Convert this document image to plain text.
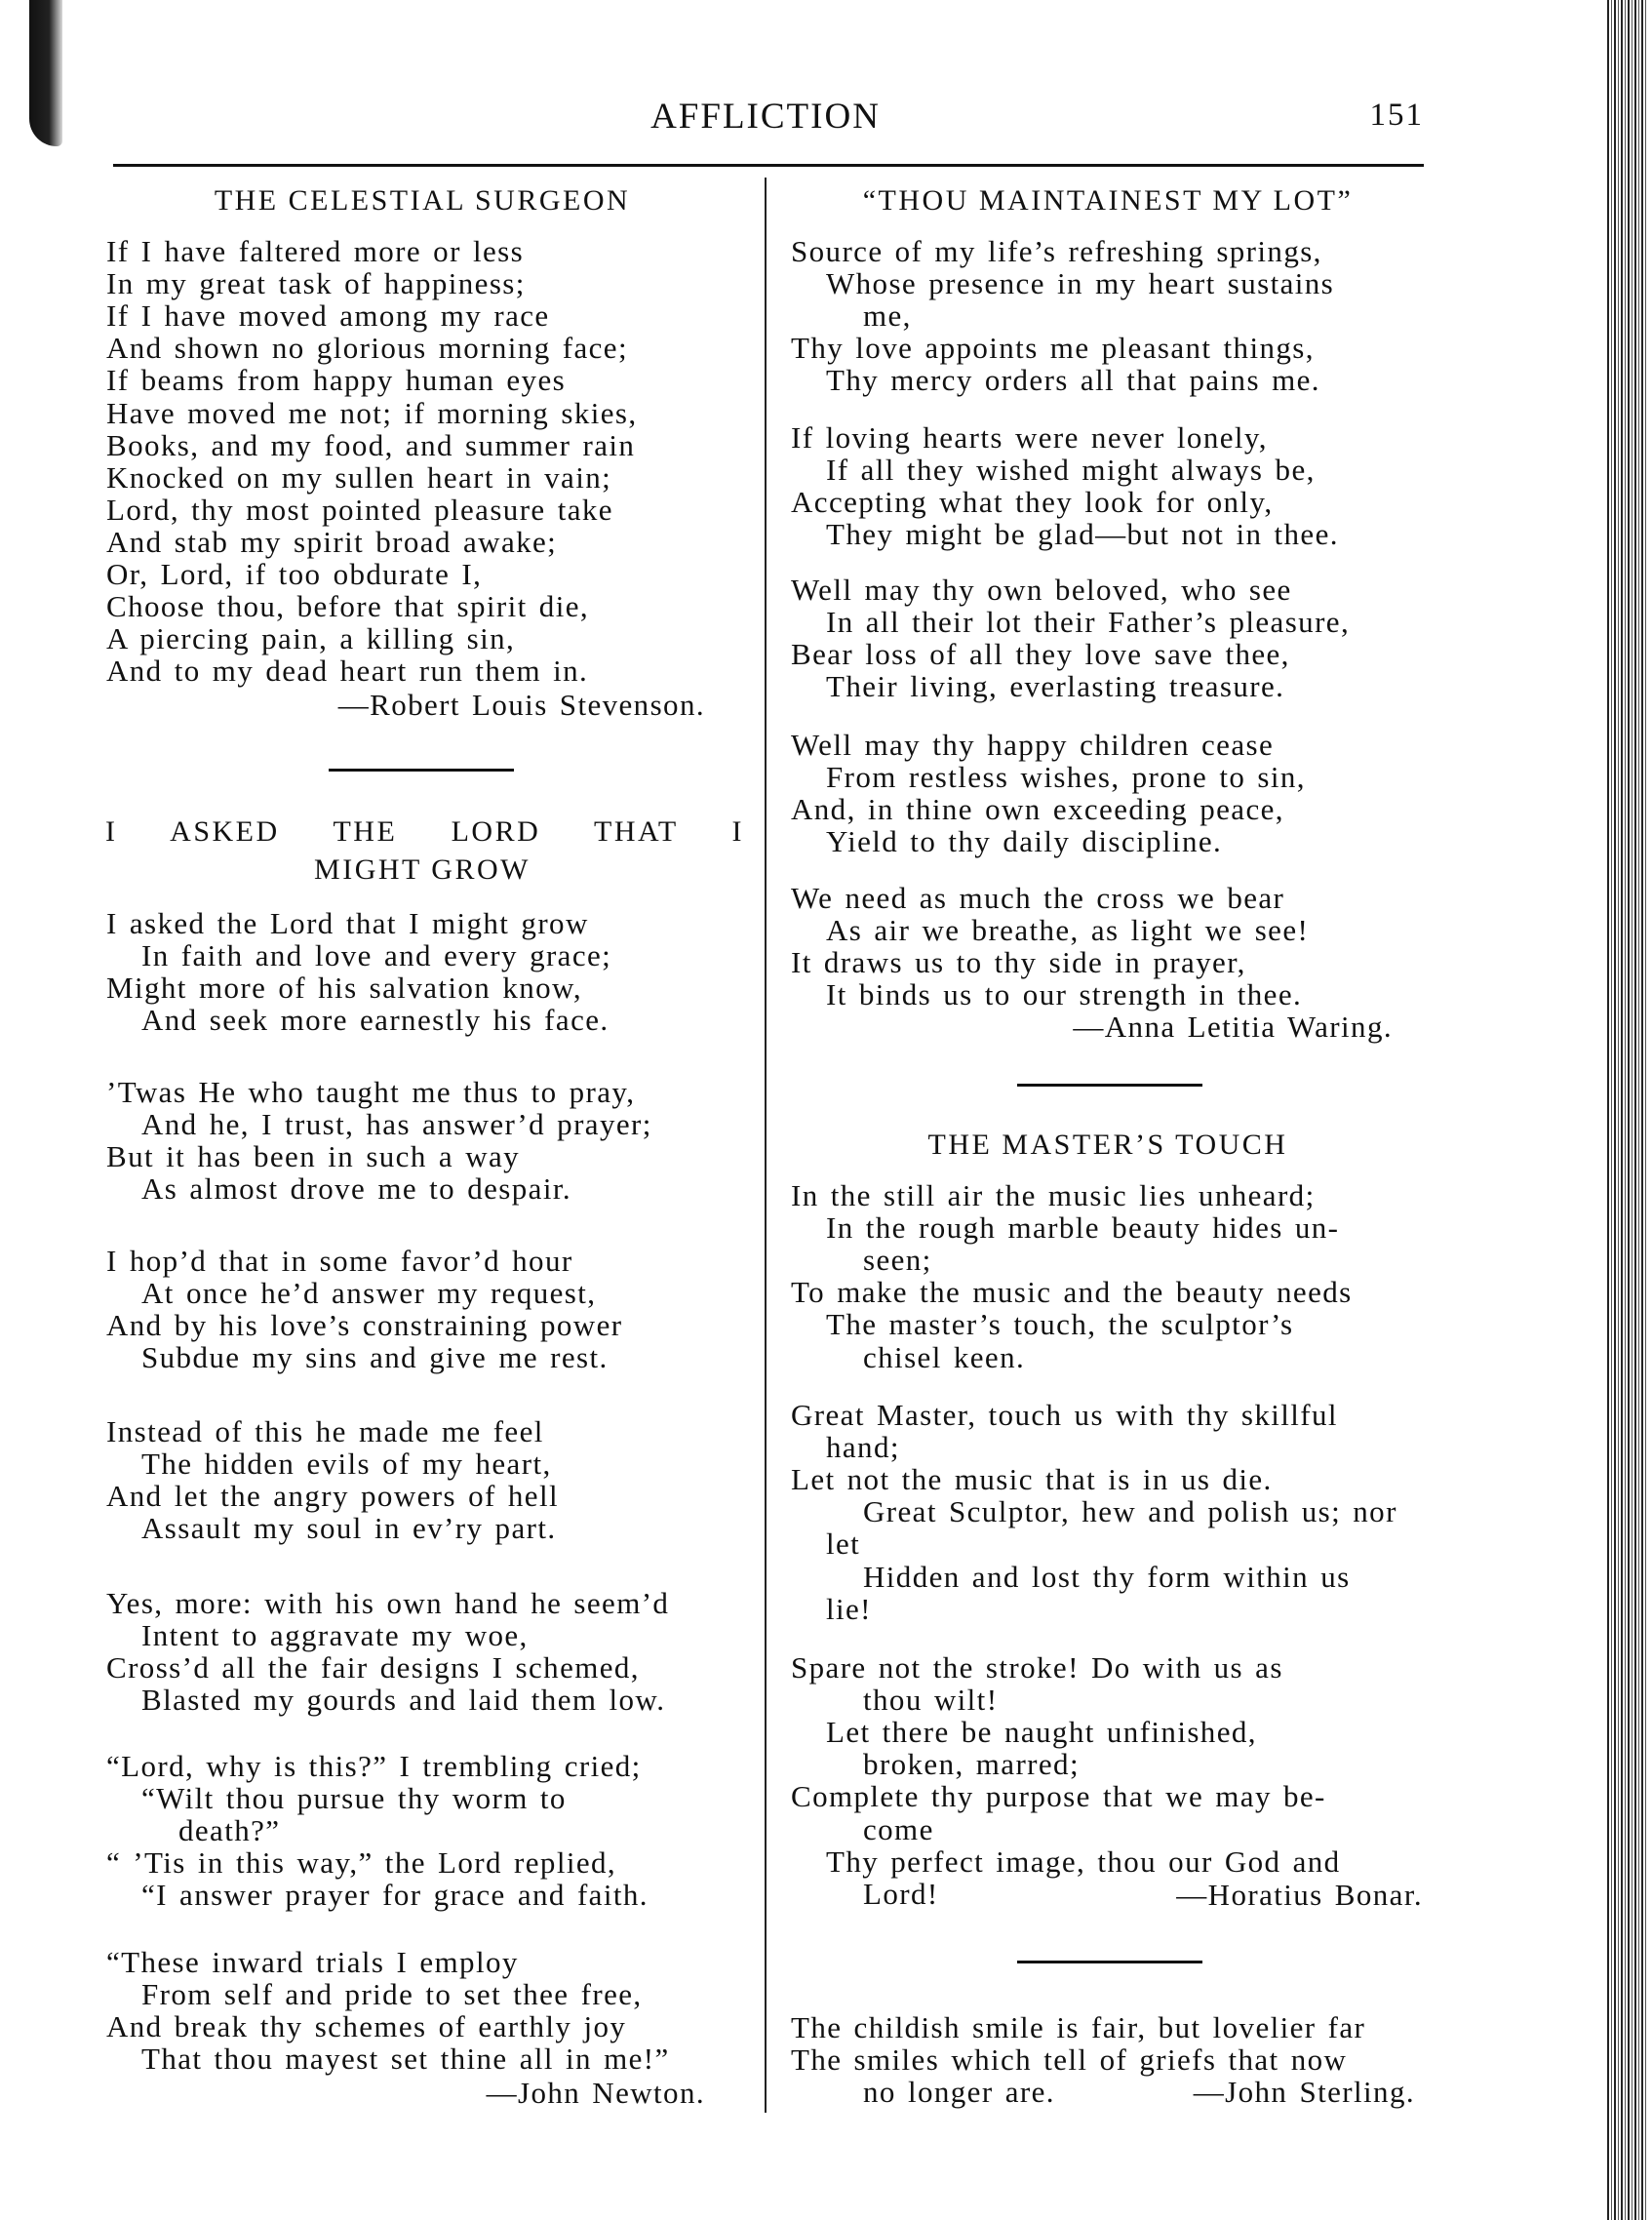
AFFLICTION	151
THE CELESTIAL SURGEON
—Robert Louis Stevenson.
I ASKED THE LORD THAT I
MIGHT GROW
—John Newton.
“THOU MAINTAINEST MY LOT”
—Anna Letitia Waring.
THE MASTER’S TOUCH
—Horatius Bonar.
—John Sterling.
If I have faltered more or less
In my great task of happiness;
If I have moved among my race
And shown no glorious morning face;
If beams from happy human eyes
Have moved me not; if morning skies,
Books, and my food, and summer rain
Knocked on my sullen heart in vain;
Lord, thy most pointed pleasure take
And stab my spirit broad awake;
Or, Lord, if too obdurate I,
Choose thou, before that spirit die,
A piercing pain, a killing sin,
And to my dead heart run them in.
I asked the Lord that I might grow
In faith and love and every grace;
Might more of his salvation know,
And seek more earnestly his face.
’Twas He who taught me thus to pray,
And he, I trust, has answer’d prayer;
But it has been in such a way
As almost drove me to despair.
I hop’d that in some favor’d hour
At once he’d answer my request,
And by his love’s constraining power
Subdue my sins and give me rest.
Instead of this he made me feel
The hidden evils of my heart,
And let the angry powers of hell
Assault my soul in ev’ry part.
Yes, more: with his own hand he seem’d
Intent to aggravate my woe,
Cross’d all the fair designs I schemed,
Blasted my gourds and laid them low.
“Lord, why is this?” I trembling cried;
“Wilt thou pursue thy worm to
death?”
“ ’Tis in this way,” the Lord replied,
“I answer prayer for grace and faith.
“These inward trials I employ
From self and pride to set thee free,
And break thy schemes of earthly joy
That thou mayest set thine all in me!”
Source of my life’s refreshing springs,
Whose presence in my heart sustains
me,
Thy love appoints me pleasant things,
Thy mercy orders all that pains me.
If loving hearts were never lonely,
If all they wished might always be,
Accepting what they look for only,
They might be glad—but not in thee.
Well may thy own beloved, who see
In all their lot their Father’s pleasure,
Bear loss of all they love save thee,
Their living, everlasting treasure.
Well may thy happy children cease
From restless wishes, prone to sin,
And, in thine own exceeding peace,
Yield to thy daily discipline.
We need as much the cross we bear
As air we breathe, as light we see!
It draws us to thy side in prayer,
It binds us to our strength in thee.
In the still air the music lies unheard;
In the rough marble beauty hides un-
seen;
To make the music and the beauty needs
The master’s touch, the sculptor’s
chisel keen.
Great Master, touch us with thy skillful
hand;
Let not the music that is in us die.
Great Sculptor, hew and polish us; nor
let
Hidden and lost thy form within us
lie!
Spare not the stroke! Do with us as
thou wilt!
Let there be naught unfinished,
broken, marred;
Complete thy purpose that we may be-
come
Thy perfect image, thou our God and
Lord!
The childish smile is fair, but lovelier far
The smiles which tell of griefs that now
no longer are.
